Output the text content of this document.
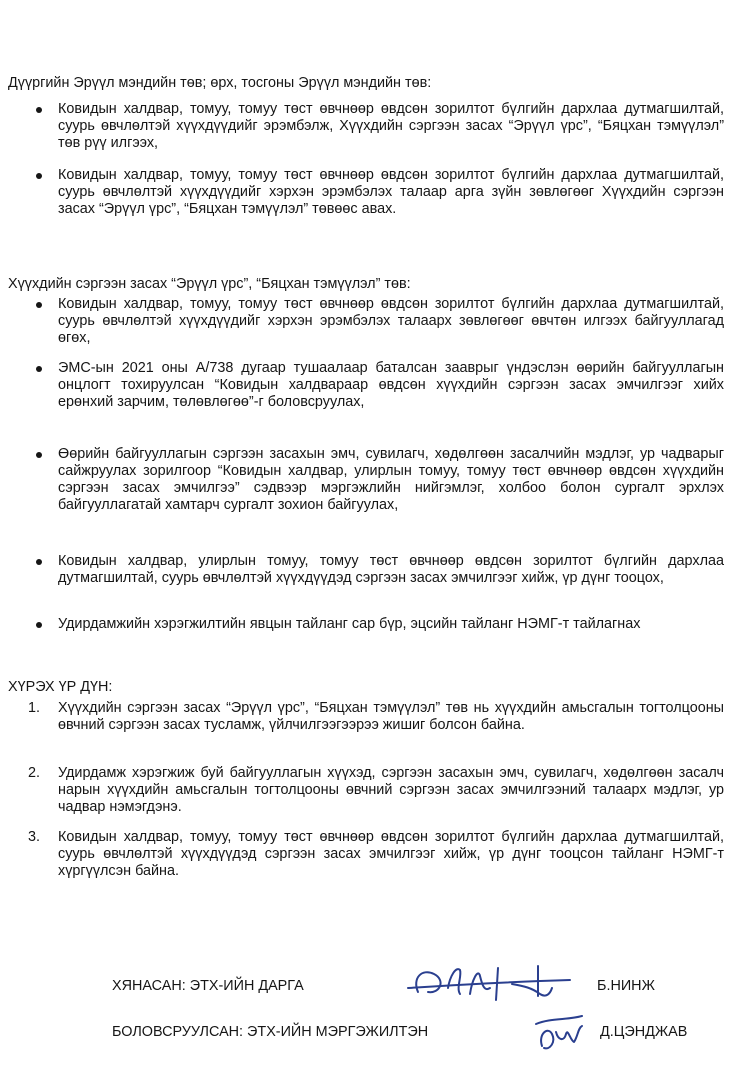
Дүүргийн Эрүүл мэндийн төв; өрх, тосгоны Эрүүл мэндийн төв:
Ковидын халдвар, томуу, томуу төст өвчнөөр өвдсөн зорилтот бүлгийн дархлаа дутмагшилтай, суурь өвчлөлтэй хүүхдүүдийг эрэмбэлж, Хүүхдийн сэргээн засах “Эрүүл үрс”, “Бяцхан тэмүүлэл” төв рүү илгээх,
Ковидын халдвар, томуу, томуу төст өвчнөөр өвдсөн зорилтот бүлгийн дархлаа дутмагшилтай, суурь өвчлөлтэй хүүхдүүдийг хэрхэн эрэмбэлэх талаар арга зүйн зөвлөгөөг Хүүхдийн сэргээн засах “Эрүүл үрс”, “Бяцхан тэмүүлэл” төвөөс авах.
Хүүхдийн сэргээн засах “Эрүүл үрс”, “Бяцхан тэмүүлэл” төв:
Ковидын халдвар, томуу, томуу төст өвчнөөр өвдсөн зорилтот бүлгийн дархлаа дутмагшилтай, суурь өвчлөлтэй хүүхдүүдийг хэрхэн эрэмбэлэх талаарх зөвлөгөөг өвчтөн илгээх байгууллагад өгөх,
ЭМС-ын 2021 оны А/738 дугаар тушаалаар баталсан зааврыг үндэслэн өөрийн байгууллагын онцлогт тохируулсан “Ковидын халдвараар өвдсөн хүүхдийн сэргээн засах эмчилгээг хийх ерөнхий зарчим, төлөвлөгөө”-г боловсруулах,
Өөрийн байгууллагын сэргээн засахын эмч, сувилагч, хөдөлгөөн засалчийн мэдлэг, ур чадварыг сайжруулах зорилгоор “Ковидын халдвар, улирлын томуу, томуу төст өвчнөөр өвдсөн хүүхдийн сэргээн засах эмчилгээ” сэдвээр мэргэжлийн нийгэмлэг, холбоо болон сургалт эрхлэх байгууллагатай хамтарч сургалт зохион байгуулах,
Ковидын халдвар, улирлын томуу, томуу төст өвчнөөр өвдсөн зорилтот бүлгийн дархлаа дутмагшилтай, суурь өвчлөлтэй хүүхдүүдэд сэргээн засах эмчилгээг хийж, үр дүнг тооцох,
Удирдамжийн хэрэгжилтийн явцын тайланг сар бүр, эцсийн тайланг НЭМГ-т тайлагнах
ХҮРЭХ ҮР ДҮН:
1. Хүүхдийн сэргээн засах “Эрүүл үрс”, “Бяцхан тэмүүлэл” төв нь хүүхдийн амьсгалын тогтолцооны өвчний сэргээн засах тусламж, үйлчилгээгээрээ жишиг болсон байна.
2. Удирдамж хэрэгжиж буй байгууллагын хүүхэд, сэргээн засахын эмч, сувилагч, хөдөлгөөн засалч нарын хүүхдийн амьсгалын тогтолцооны өвчний сэргээн засах эмчилгээний талаарх мэдлэг, ур чадвар нэмэгдэнэ.
3. Ковидын халдвар, томуу, томуу төст өвчнөөр өвдсөн зорилтот бүлгийн дархлаа дутмагшилтай, суурь өвчлөлтэй хүүхдүүдэд сэргээн засах эмчилгээг хийж, үр дүнг тооцсон тайланг НЭМГ-т хүргүүлсэн байна.
ХЯНАСАН: ЭТХ-ИЙН ДАРГА	Б.НИНЖ
БОЛОВСРУУЛСАН: ЭТХ-ИЙН МЭРГЭЖИЛТЭН	Д.ЦЭНДЖАВ
